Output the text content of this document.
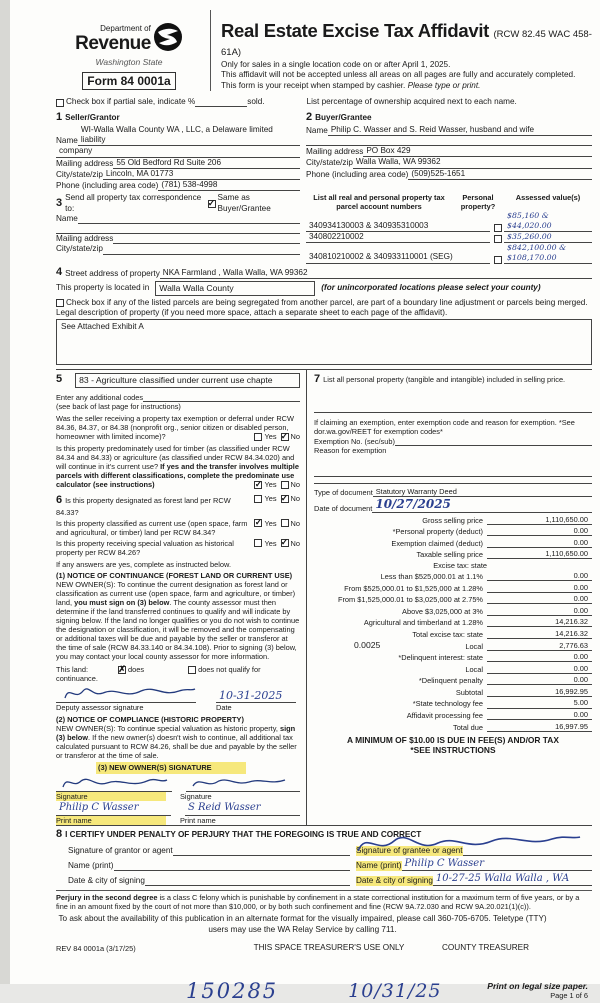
Department of
Revenue
Washington State
Form 84 0001a
Real Estate Excise Tax Affidavit (RCW 82.45 WAC 458-61A)
Only for sales in a single location code on or after April 1, 2025.
This affidavit will not be accepted unless all areas on all pages are fully and accurately completed.
This form is your receipt when stamped by cashier. Please type or print.
Check box if partial sale, indicate %	sold.	List percentage of ownership acquired next to each name.
1 Seller/Grantor
Name
WI-Walla Walla County WA , LLC, a Delaware limited liability
company
Mailing address 55 Old Bedford Rd Suite 206
City/state/zip Lincoln, MA 01773
Phone (including area code) (781) 538-4998
2 Buyer/Grantee
Name Philip C. Wasser and S. Reid Wasser, husband and wife
Mailing address PO Box 429
City/state/zip Walla Walla, WA 99362
Phone (including area code) (509)525-1651
3 Send all property tax correspondence to:
✓ Same as Buyer/Grantee
Name
Mailing address
City/state/zip
List all real and personal property tax parcel account numbers
Personal property?
Assessed value(s)
340934130003 & 340935310003
$85,160 & $44,020.00
340802210002	$35,260.00
340810210002 & 340933110001 (SEG)
$842,100.00 & $108,170.00
4 Street address of property NKA Farmland , Walla Walla, WA 99362
This property is located in	Walla Walla County	(for unincorporated locations please select your county)
Check box if any of the listed parcels are being segregated from another parcel, are part of a boundary line adjustment or parcels being merged.
Legal description of property (if you need more space, attach a separate sheet to each page of the affidavit).
See Attached Exhibit A
5	83 - Agriculture classified under current use chapte
Enter any additional codes
(see back of last page for instructions)
Was the seller receiving a property tax exemption or deferral under RCW 84.36, 84.37, or 84.38 (nonprofit org., senior citizen or disabled person, homeowner with limited income)?	Yes ✓ No
Is this property predominately used for timber (as classified under RCW 84.34 and 84.33) or agriculture (as classified under RCW 84.34.020) and will continue in it's current use? If yes and the transfer involves multiple parcels with different classifications, complete the predominate use calculator (see instructions)	✓ Yes No
6 Is this property designated as forest land per RCW 84.33?
Yes ✓ No
Is this property classified as current use (open space, farm and agricultural, or timber) land per RCW 84.34?
✓ Yes No
Is this property receiving special valuation as historical property per RCW 84.26?
Yes ✓ No
If any answers are yes, complete as instructed below.
(1) NOTICE OF CONTINUANCE (FOREST LAND OR CURRENT USE)
NEW OWNER(S): To continue the current designation as forest land or classification as current use (open space, farm and agriculture, or timber) land, you must sign on (3) below. The county assessor must then determine if the land transferred continues to qualify and will indicate by signing below. If the land no longer qualifies or you do not wish to continue the designation or classification, it will be removed and the compensating or additional taxes will be due and payable by the seller or transferor at the time of sale (RCW 84.33.140 or 84.34.108). Prior to signing (3) below, you may contact your local county assessor for more information.
This land:	✗ does	does not qualify for
continuance.
10-31-2025
Deputy assessor signature	Date
(2) NOTICE OF COMPLIANCE (HISTORIC PROPERTY)
NEW OWNER(S): To continue special valuation as historic property, sign (3) below. If the new owner(s) doesn't wish to continue, all additional tax calculated pursuant to RCW 84.26, shall be due and payable by the seller or transferor at the time of sale.
(3) NEW OWNER(S) SIGNATURE
Signature	Signature
Philip C Wasser	S Reid Wasser
Print name	Print name
7 List all personal property (tangible and intangible) included in selling price.
If claiming an exemption, enter exemption code and reason for exemption. *See dor.wa.gov/REET for exemption codes*
Exemption No. (sec/sub)
Reason for exemption
Type of document Statutory Warranty Deed
Date of document 10/27/2025
Gross selling price	1,110,650.00
*Personal property (deduct)	0.00
Exemption claimed (deduct)	0.00
Taxable selling price	1,110,650.00
Excise tax: state
Less than $525,000.01 at 1.1%	0.00
From $525,000.01 to $1,525,000 at 1.28%	0.00
From $1,525,000.01 to $3,025,000 at 2.75%	0.00
Above $3,025,000 at 3%	0.00
Agricultural and timberland at 1.28%	14,216.32
Total excise tax: state	14,216.32
0.0025	Local	2,776.63
*Delinquent interest: state	0.00
Local	0.00
*Delinquent penalty	0.00
Subtotal	16,992.95
*State technology fee	5.00
Affidavit processing fee	0.00
Total due	16,997.95
A MINIMUM OF $10.00 IS DUE IN FEE(S) AND/OR TAX
*SEE INSTRUCTIONS
8 I CERTIFY UNDER PENALTY OF PERJURY THAT THE FOREGOING IS TRUE AND CORRECT
Signature of grantor or agent
Name (print)
Date & city of signing
Signature of grantee or agent
Name (print) Philip C Wasser
Date & city of signing 10-27-25 Walla Walla , WA
Perjury in the second degree is a class C felony which is punishable by confinement in a state correctional institution for a maximum term of five years, or by a fine in an amount fixed by the court of not more than $10,000, or by both such confinement and fine (RCW 9A.72.030 and RCW 9A.20.021(1)(c)).
To ask about the availability of this publication in an alternate format for the visually impaired, please call 360-705-6705. Teletype (TTY) users may use the WA Relay Service by calling 711.
REV 84 0001a (3/17/25)	THIS SPACE TREASURER'S USE ONLY	COUNTY TREASURER
150285	10/31/25	Print on legal size paper.
Page 1 of 6
